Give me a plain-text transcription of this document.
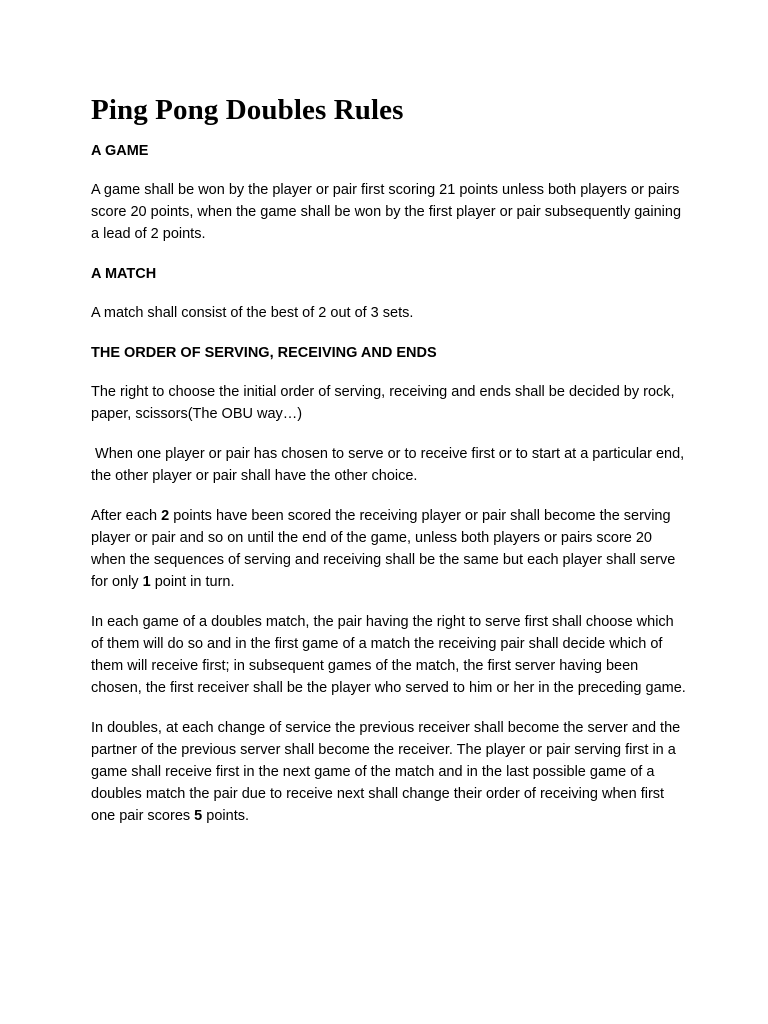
Ping Pong Doubles Rules
A GAME

A game shall be won by the player or pair first scoring 21 points unless both players or pairs score 20 points, when the game shall be won by the first player or pair subsequently gaining a lead of 2 points.

A MATCH

A match shall consist of the best of 2 out of 3 sets.

THE ORDER OF SERVING, RECEIVING AND ENDS

The right to choose the initial order of serving, receiving and ends shall be decided by rock, paper, scissors(The OBU way…)

When one player or pair has chosen to serve or to receive first or to start at a particular end, the other player or pair shall have the other choice.

After each 2 points have been scored the receiving player or pair shall become the serving player or pair and so on until the end of the game, unless both players or pairs score 20 when the sequences of serving and receiving shall be the same but each player shall serve for only 1 point in turn.

In each game of a doubles match, the pair having the right to serve first shall choose which of them will do so and in the first game of a match the receiving pair shall decide which of them will receive first; in subsequent games of the match, the first server having been chosen, the first receiver shall be the player who served to him or her in the preceding game.

In doubles, at each change of service the previous receiver shall become the server and the partner of the previous server shall become the receiver. The player or pair serving first in a game shall receive first in the next game of the match and in the last possible game of a doubles match the pair due to receive next shall change their order of receiving when first one pair scores 5 points.
